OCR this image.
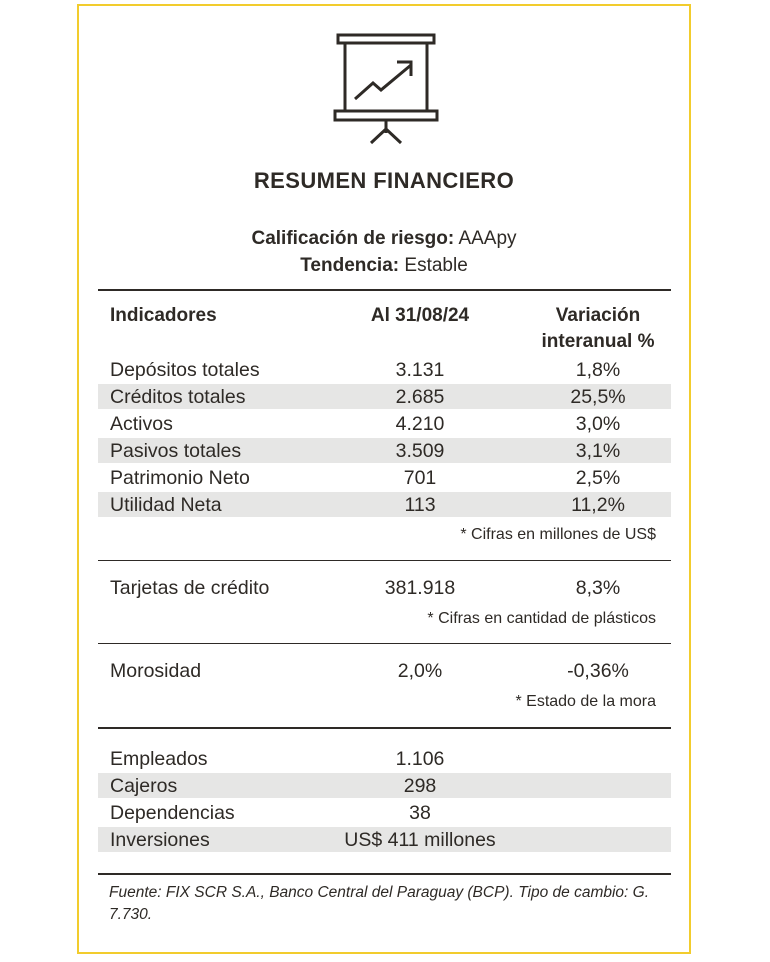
RESUMEN FINANCIERO
Calificación de riesgo: AAApy
Tendencia: Estable
Indicadores	Al 31/08/24	Variación
interanual %
Depósitos totales	3.131	1,8%
Créditos totales	2.685	25,5%
Activos	4.210	3,0%
Pasivos totales	3.509	3,1%
Patrimonio Neto	701	2,5%
Utilidad Neta	113	11,2%
* Cifras en millones de US$
Tarjetas de crédito	381.918	8,3%
* Cifras en cantidad de plásticos
Morosidad	2,0%	-0,36%
* Estado de la mora
Empleados	1.106
Cajeros	298
Dependencias	38
Inversiones	US$ 411 millones
Fuente: FIX SCR S.A., Banco Central del Paraguay (BCP). Tipo de cambio: G. 7.730.
